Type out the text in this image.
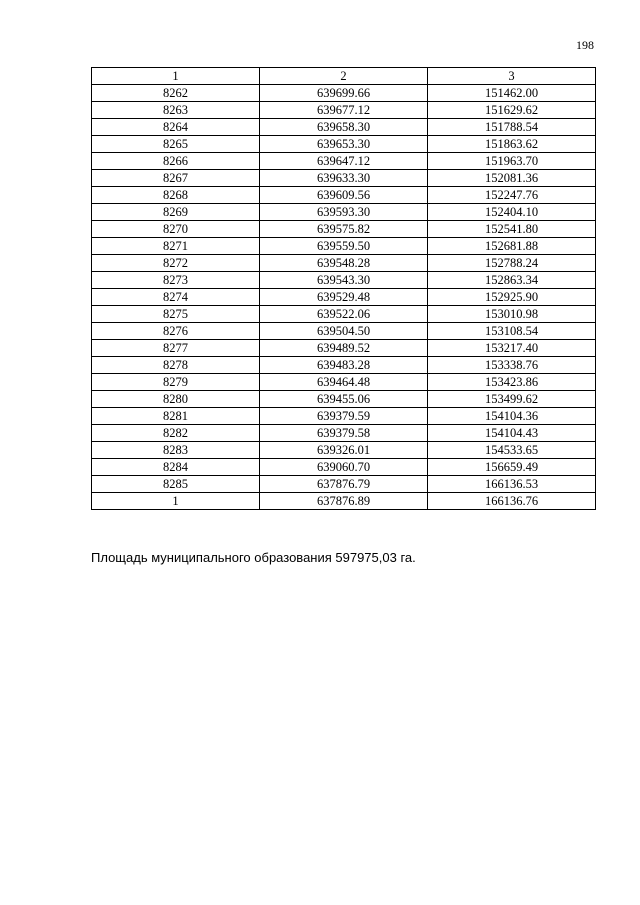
198
1	2	3
8262	639699.66	151462.00
8263	639677.12	151629.62
8264	639658.30	151788.54
8265	639653.30	151863.62
8266	639647.12	151963.70
8267	639633.30	152081.36
8268	639609.56	152247.76
8269	639593.30	152404.10
8270	639575.82	152541.80
8271	639559.50	152681.88
8272	639548.28	152788.24
8273	639543.30	152863.34
8274	639529.48	152925.90
8275	639522.06	153010.98
8276	639504.50	153108.54
8277	639489.52	153217.40
8278	639483.28	153338.76
8279	639464.48	153423.86
8280	639455.06	153499.62
8281	639379.59	154104.36
8282	639379.58	154104.43
8283	639326.01	154533.65
8284	639060.70	156659.49
8285	637876.79	166136.53
1	637876.89	166136.76
Площадь муниципального образования 597975,03 га.
